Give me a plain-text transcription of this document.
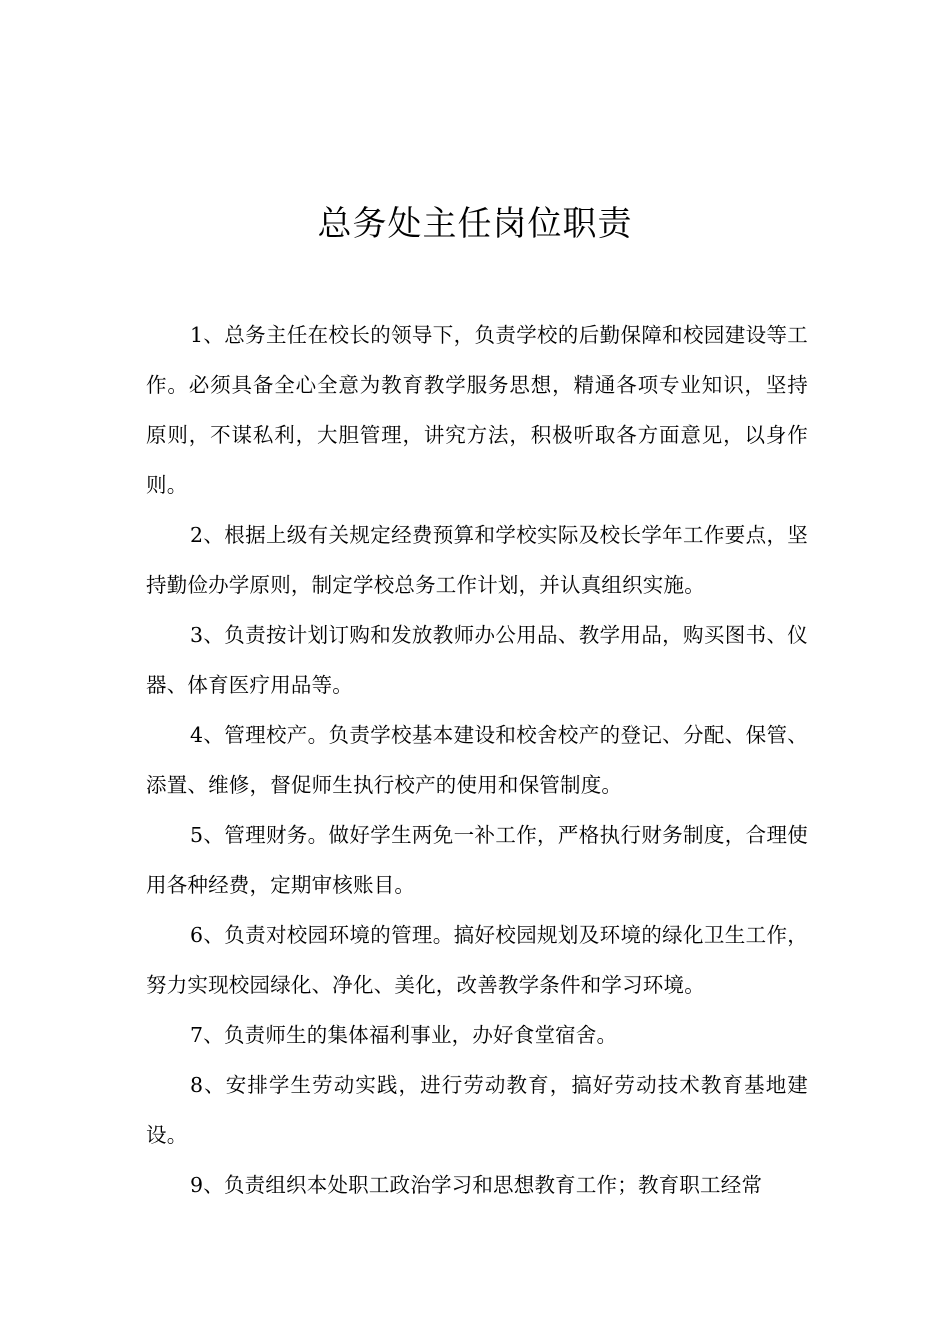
总务处主任岗位职责

1、总务主任在校长的领导下，负责学校的后勤保障和校园建设等工作。必须具备全心全意为教育教学服务思想，精通各项专业知识，坚持原则，不谋私利，大胆管理，讲究方法，积极听取各方面意见，以身作则。

2、根据上级有关规定经费预算和学校实际及校长学年工作要点，坚持勤俭办学原则，制定学校总务工作计划，并认真组织实施。

3、负责按计划订购和发放教师办公用品、教学用品，购买图书、仪器、体育医疗用品等。

4、管理校产。负责学校基本建设和校舍校产的登记、分配、保管、添置、维修，督促师生执行校产的使用和保管制度。

5、管理财务。做好学生两免一补工作，严格执行财务制度，合理使用各种经费，定期审核账目。

6、负责对校园环境的管理。搞好校园规划及环境的绿化卫生工作，努力实现校园绿化、净化、美化，改善教学条件和学习环境。

7、负责师生的集体福利事业，办好食堂宿舍。

8、安排学生劳动实践，进行劳动教育，搞好劳动技术教育基地建设。

9、负责组织本处职工政治学习和思想教育工作；教育职工经常
